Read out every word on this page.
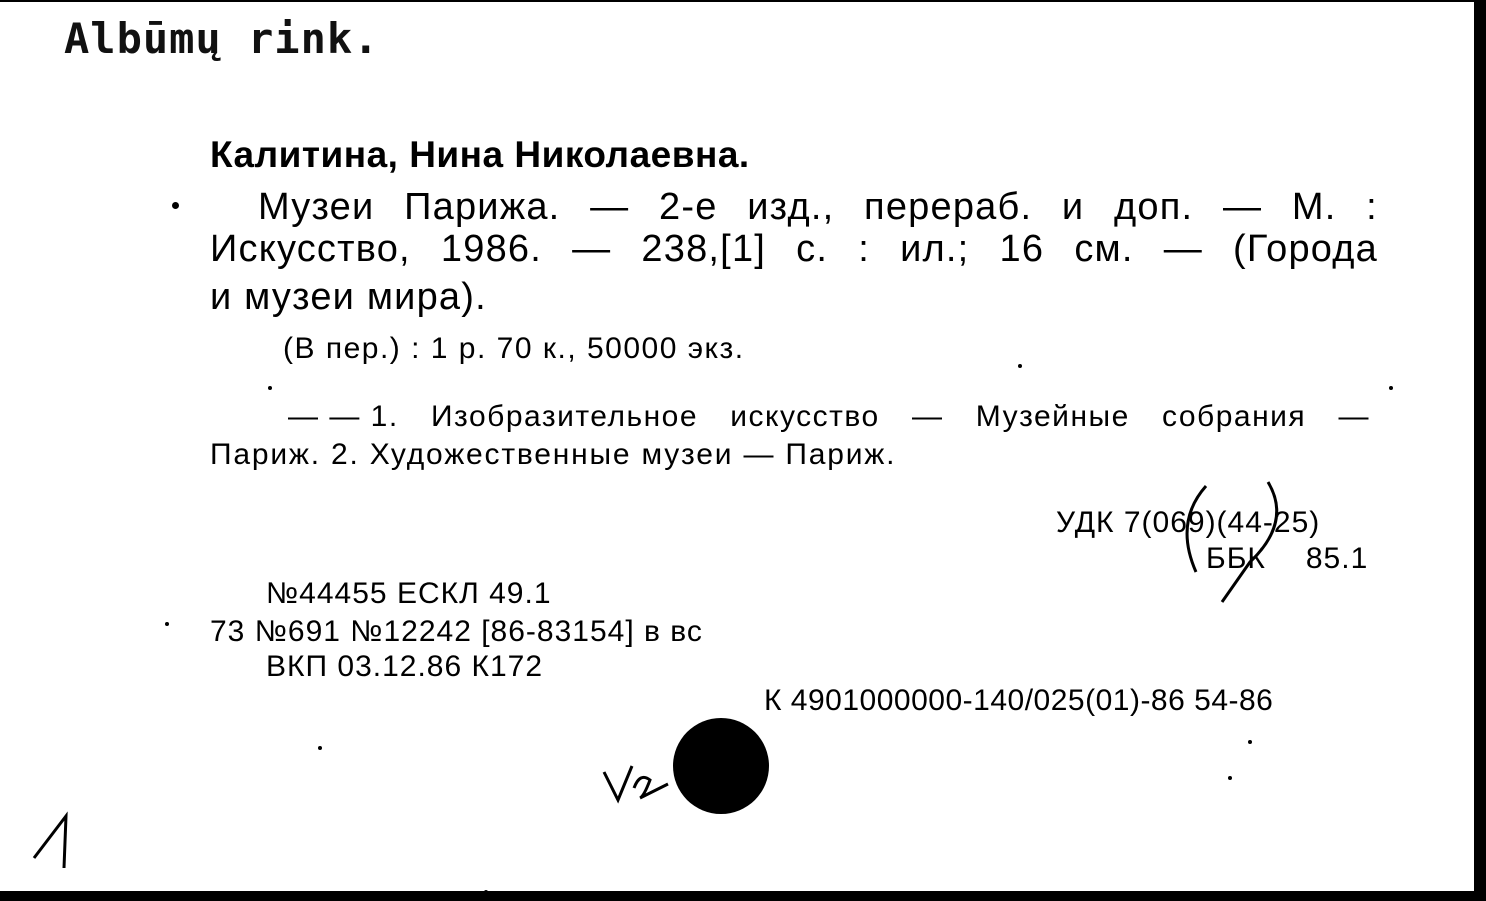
Albūmų rink.
Калитина, Нина Николаевна.
Музеи Парижа. — 2-е изд., перераб. и доп. — М. :
Искусство, 1986. — 238,[1] с. : ил.; 16 см. — (Города
и музеи мира).
(В пер.) : 1 р. 70 к., 50000 экз.
— — 1. Изобразительное искусство — Музейные собрания —
Париж. 2. Художественные музеи — Париж.
УДК 7(069)(44-25)
ББК 85.1
№44455 ЕСКЛ 49.1
73 №691 №12242 [86-83154] в вс
ВКП 03.12.86 К172
К 4901000000-140/025(01)-86 54-86
